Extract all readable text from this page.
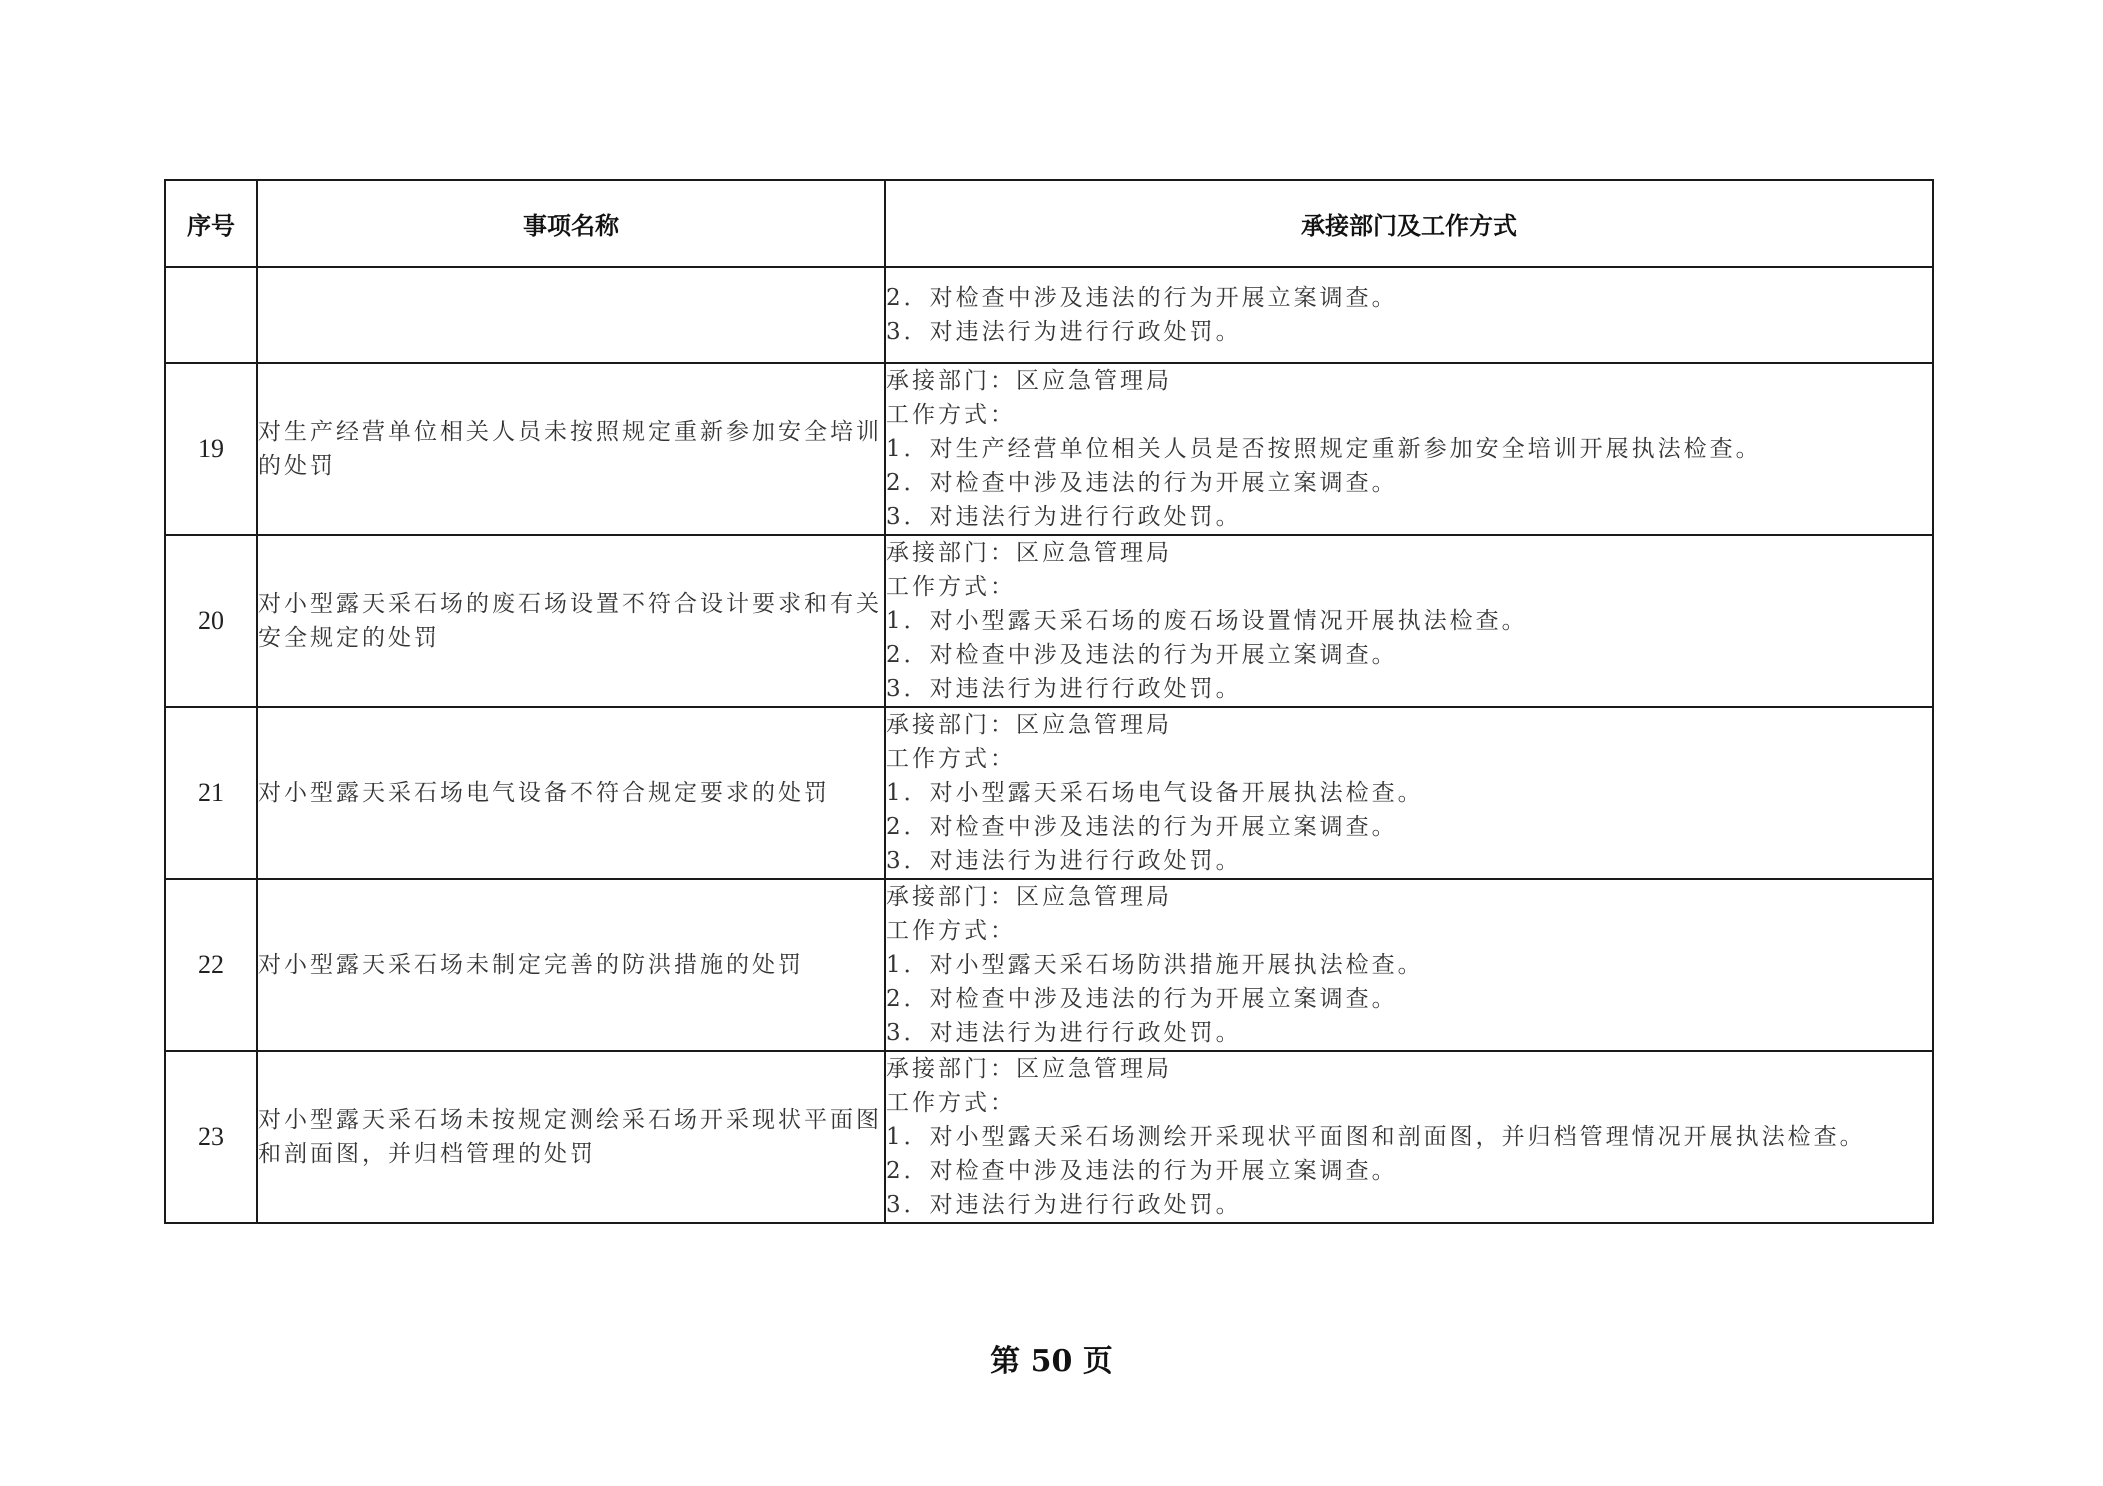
序号	事项名称	承接部门及工作方式

		2．对检查中涉及违法的行为开展立案调查。
3．对违法行为进行行政处罚。

19	对生产经营单位相关人员未按照规定重新参加安全培训的处罚	承接部门：区应急管理局
工作方式：
1．对生产经营单位相关人员是否按照规定重新参加安全培训开展执法检查。
2．对检查中涉及违法的行为开展立案调查。
3．对违法行为进行行政处罚。

20	对小型露天采石场的废石场设置不符合设计要求和有关安全规定的处罚	承接部门：区应急管理局
工作方式：
1．对小型露天采石场的废石场设置情况开展执法检查。
2．对检查中涉及违法的行为开展立案调查。
3．对违法行为进行行政处罚。

21	对小型露天采石场电气设备不符合规定要求的处罚	承接部门：区应急管理局
工作方式：
1．对小型露天采石场电气设备开展执法检查。
2．对检查中涉及违法的行为开展立案调查。
3．对违法行为进行行政处罚。

22	对小型露天采石场未制定完善的防洪措施的处罚	承接部门：区应急管理局
工作方式：
1．对小型露天采石场防洪措施开展执法检查。
2．对检查中涉及违法的行为开展立案调查。
3．对违法行为进行行政处罚。

23	对小型露天采石场未按规定测绘采石场开采现状平面图和剖面图，并归档管理的处罚	承接部门：区应急管理局
工作方式：
1．对小型露天采石场测绘开采现状平面图和剖面图，并归档管理情况开展执法检查。
2．对检查中涉及违法的行为开展立案调查。
3．对违法行为进行行政处罚。
第 50 页
